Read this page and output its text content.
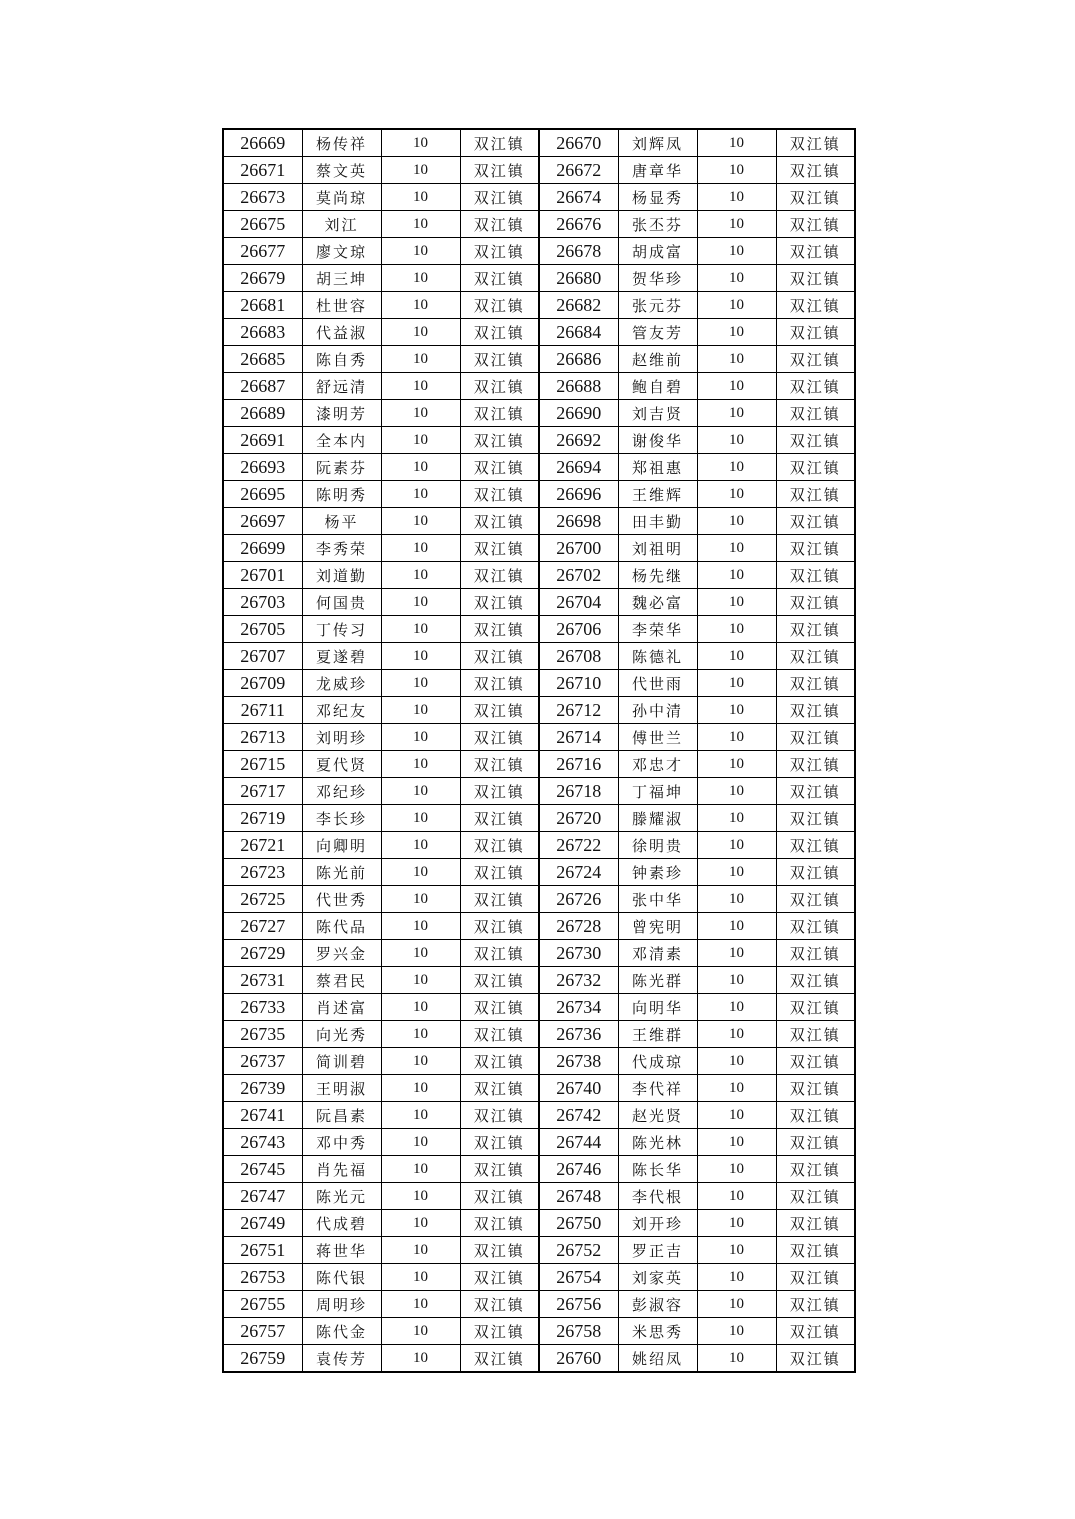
26669	杨传祥	10	双江镇	26670	刘辉凤	10	双江镇
26671	蔡文英	10	双江镇	26672	唐章华	10	双江镇
26673	莫尚琼	10	双江镇	26674	杨显秀	10	双江镇
26675	刘江	10	双江镇	26676	张丕芬	10	双江镇
26677	廖文琼	10	双江镇	26678	胡成富	10	双江镇
26679	胡三坤	10	双江镇	26680	贺华珍	10	双江镇
26681	杜世容	10	双江镇	26682	张元芬	10	双江镇
26683	代益淑	10	双江镇	26684	管友芳	10	双江镇
26685	陈自秀	10	双江镇	26686	赵维前	10	双江镇
26687	舒远清	10	双江镇	26688	鲍自碧	10	双江镇
26689	漆明芳	10	双江镇	26690	刘吉贤	10	双江镇
26691	全本内	10	双江镇	26692	谢俊华	10	双江镇
26693	阮素芬	10	双江镇	26694	郑祖惠	10	双江镇
26695	陈明秀	10	双江镇	26696	王维辉	10	双江镇
26697	杨平	10	双江镇	26698	田丰勤	10	双江镇
26699	李秀荣	10	双江镇	26700	刘祖明	10	双江镇
26701	刘道勤	10	双江镇	26702	杨先继	10	双江镇
26703	何国贵	10	双江镇	26704	魏必富	10	双江镇
26705	丁传习	10	双江镇	26706	李荣华	10	双江镇
26707	夏遂碧	10	双江镇	26708	陈德礼	10	双江镇
26709	龙威珍	10	双江镇	26710	代世雨	10	双江镇
26711	邓纪友	10	双江镇	26712	孙中清	10	双江镇
26713	刘明珍	10	双江镇	26714	傅世兰	10	双江镇
26715	夏代贤	10	双江镇	26716	邓忠才	10	双江镇
26717	邓纪珍	10	双江镇	26718	丁福坤	10	双江镇
26719	李长珍	10	双江镇	26720	滕耀淑	10	双江镇
26721	向卿明	10	双江镇	26722	徐明贵	10	双江镇
26723	陈光前	10	双江镇	26724	钟素珍	10	双江镇
26725	代世秀	10	双江镇	26726	张中华	10	双江镇
26727	陈代品	10	双江镇	26728	曾宪明	10	双江镇
26729	罗兴金	10	双江镇	26730	邓清素	10	双江镇
26731	蔡君民	10	双江镇	26732	陈光群	10	双江镇
26733	肖述富	10	双江镇	26734	向明华	10	双江镇
26735	向光秀	10	双江镇	26736	王维群	10	双江镇
26737	简训碧	10	双江镇	26738	代成琼	10	双江镇
26739	王明淑	10	双江镇	26740	李代祥	10	双江镇
26741	阮昌素	10	双江镇	26742	赵光贤	10	双江镇
26743	邓中秀	10	双江镇	26744	陈光林	10	双江镇
26745	肖先福	10	双江镇	26746	陈长华	10	双江镇
26747	陈光元	10	双江镇	26748	李代根	10	双江镇
26749	代成碧	10	双江镇	26750	刘开珍	10	双江镇
26751	蒋世华	10	双江镇	26752	罗正吉	10	双江镇
26753	陈代银	10	双江镇	26754	刘家英	10	双江镇
26755	周明珍	10	双江镇	26756	彭淑容	10	双江镇
26757	陈代金	10	双江镇	26758	米思秀	10	双江镇
26759	袁传芳	10	双江镇	26760	姚绍凤	10	双江镇
